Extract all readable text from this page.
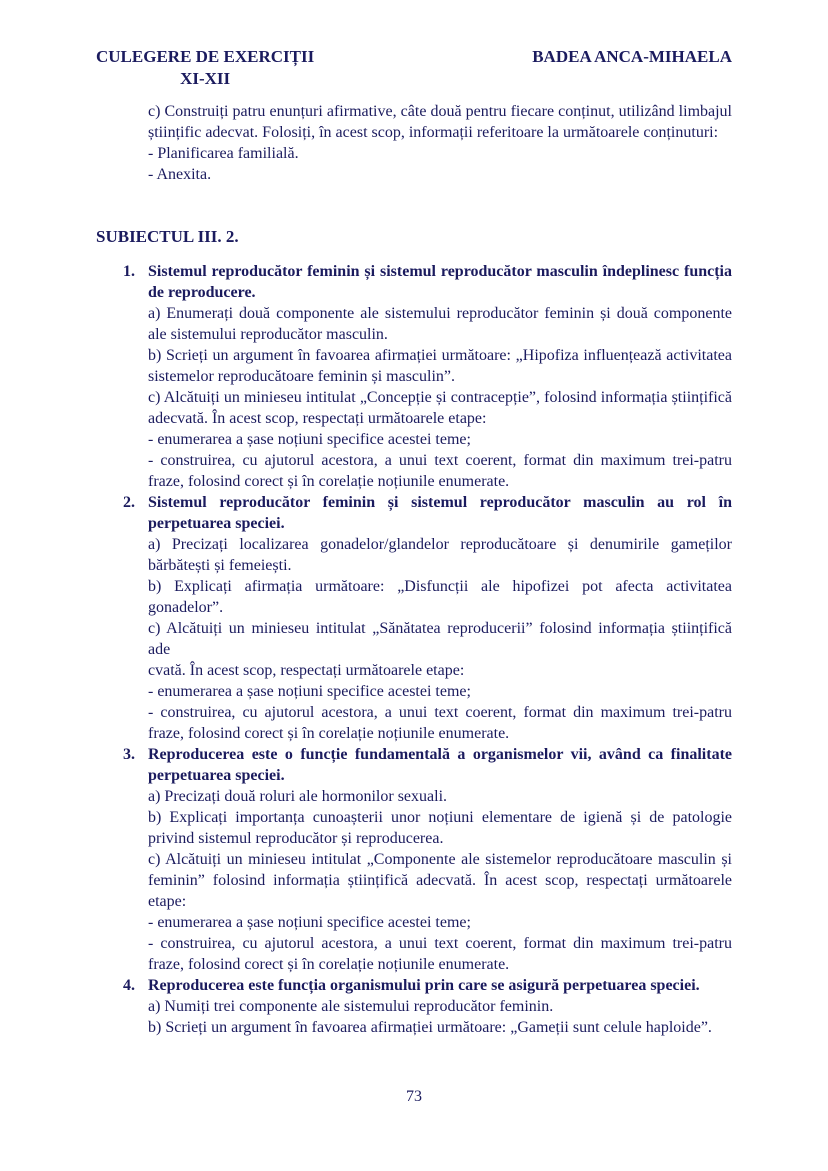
CULEGERE DE EXERCIȚII
XI-XII
BADEA ANCA-MIHAELA

c) Construiți patru enunțuri afirmative, câte două pentru fiecare conținut, utilizând limbajul științific adecvat. Folosiți, în acest scop, informații referitoare la următoarele conținuturi:

- Planificarea familială.

- Anexita.

SUBIECTUL III. 2.
1. Sistemul reproducător feminin și sistemul reproducător masculin îndeplinesc funcția de reproducere.

a) Enumerați două componente ale sistemului reproducător feminin și două componente ale sistemului reproducător masculin.

b) Scrieți un argument în favoarea afirmației următoare: „Hipofiza influențează activitatea sistemelor reproducătoare feminin și masculin”.

c) Alcătuiți un minieseu intitulat „Concepție și contracepție”, folosind informația științifică adecvată. În acest scop, respectați următoarele etape:

- enumerarea a șase noțiuni specifice acestei teme;

- construirea, cu ajutorul acestora, a unui text coerent, format din maximum trei-patru fraze, folosind corect și în corelație noțiunile enumerate.

2. Sistemul reproducător feminin și sistemul reproducător masculin au rol în perpetuarea speciei.

a) Precizați localizarea gonadelor/glandelor reproducătoare și denumirile gameților bărbătești și femeiești.

b) Explicați afirmația următoare: „Disfuncții ale hipofizei pot afecta activitatea gonadelor”.

c) Alcătuiți un minieseu intitulat „Sănătatea reproducerii” folosind informația științifică ade

cvată. În acest scop, respectați următoarele etape:

- enumerarea a șase noțiuni specifice acestei teme;

- construirea, cu ajutorul acestora, a unui text coerent, format din maximum trei-patru fraze, folosind corect și în corelație noțiunile enumerate.

3. Reproducerea este o funcție fundamentală a organismelor vii, având ca finalitate perpetuarea speciei.

a) Precizați două roluri ale hormonilor sexuali.

b) Explicați importanța cunoașterii unor noțiuni elementare de igienă și de patologie privind sistemul reproducător și reproducerea.

c) Alcătuiți un minieseu intitulat „Componente ale sistemelor reproducătoare masculin și feminin” folosind informația științifică adecvată. În acest scop, respectați următoarele etape:

- enumerarea a șase noțiuni specifice acestei teme;

- construirea, cu ajutorul acestora, a unui text coerent, format din maximum trei-patru fraze, folosind corect și în corelație noțiunile enumerate.

4. Reproducerea este funcția organismului prin care se asigură perpetuarea speciei.

a) Numiți trei componente ale sistemului reproducător feminin.

b) Scrieți un argument în favoarea afirmației următoare: „Gameții sunt celule haploide”.

73
